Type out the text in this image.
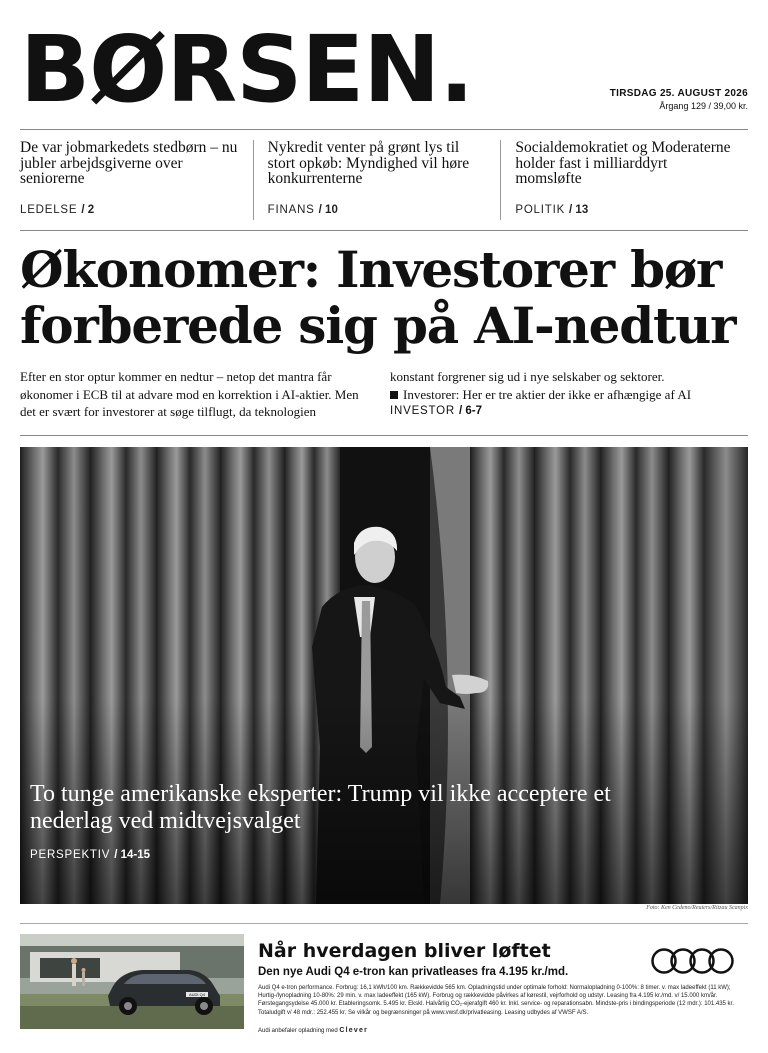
BØRSEN.	TIRSDAG 25. AUGUST 2026
Årgang 129 / 39,00 kr.
De var jobmarkedets stedbørn – nu jubler arbejdsgiverne over seniorerne
LEDELSE / 2
Nykredit venter på grønt lys til stort opkøb: Myndighed vil høre konkurrenterne
FINANS / 10
Socialdemokratiet og Moderaterne holder fast i milliarddyrt momsløfte
POLITIK / 13
Økonomer: Investorer bør forberede sig på AI-nedtur
Efter en stor optur kommer en nedtur – netop det mantra får økonomer i ECB til at advare mod en korrektion i AI-aktier. Men det er svært for investorer at søge tilflugt, da teknologien
konstant forgrener sig ud i nye selskaber og sektorer.
Investorer: Her er tre aktier der ikke er afhængige af AI
INVESTOR / 6-7
To tunge amerikanske eksperter: Trump vil ikke acceptere et nederlag ved midtvejsvalget
PERSPEKTIV / 14-15
Foto: Ken Cedeno/Reuters/Ritzau Scanpix
AUDI Q4
Når hverdagen bliver løftet
Den nye Audi Q4 e-tron kan privatleases fra 4.195 kr./md.
Audi Q4 e-tron performance. Forbrug: 16,1 kWh/100 km. Rækkevidde 565 km. Opladningstid under optimale forhold: Normalopladning 0-100%: 8 timer. v. max ladeeffekt (11 kW); Hurtig-/lynopladning 10-80%: 29 min. v. max ladeeffekt (165 kW). Forbrug og rækkevidde påvirkes af kørestil, vejrforhold og udstyr. Leasing fra 4.195 kr./md. v/ 15.000 km/år. Førstegangsydelse 45.000 kr. Etableringsomk. 5.495 kr. Ekskl. Halvårlig CO₂-ejerafgift 460 kr. Inkl. service- og reparationsabn. Mindste-pris i bindingsperiode (12 mdr.): 101.435 kr. Totaludgift v/ 48 mdr.: 252.455 kr. Se vilkår og begrænsninger på www.vwsf.dk/privatleasing. Leasing udbydes af VWSF A/S.
Audi anbefaler opladning med Clever
